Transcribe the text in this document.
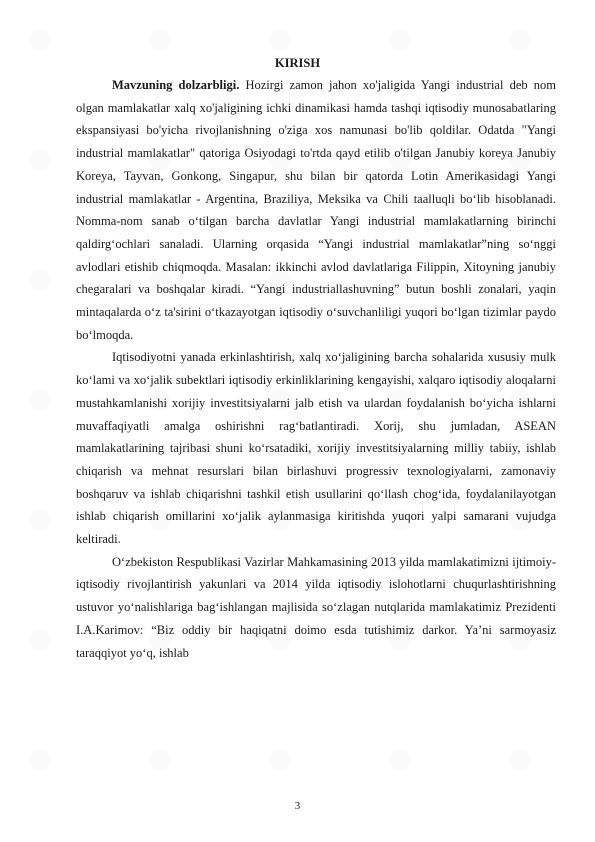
KIRISH

Mavzuning dolzarbligi. Hozirgi zamon jahon xo'jaligida Yangi industrial deb nom olgan mamlakatlar xalq xo'jaligining ichki dinamikasi hamda tashqi iqtisodiy munosabatlaring ekspansiyasi bo'yicha rivojlanishning o'ziga xos namunasi bo'lib qoldilar. Odatda "Yangi industrial mamlakatlar" qatoriga Osiyodagi to'rtda qayd etilib o'tilgan Janubiy koreya Janubiy Koreya, Tayvan, Gonkong, Singapur, shu bilan bir qatorda Lotin Amerikasidagi Yangi industrial mamlakatlar - Argentina, Braziliya, Meksika va Chili taalluqli bo‘lib hisoblanadi. Nomma-nom sanab o‘tilgan barcha davlatlar Yangi industrial mamlakatlarning birinchi qaldirg‘ochlari sanaladi. Ularning orqasida “Yangi industrial mamlakatlar”ning so‘nggi avlodlari etishib chiqmoqda. Masalan: ikkinchi avlod davlatlariga Filippin, Xitoyning janubiy chegaralari va boshqalar kiradi. “Yangi industriallashuvning” butun boshli zonalari, yaqin mintaqalarda o‘z ta'sirini o‘tkazayotgan iqtisodiy o‘suvchanliligi yuqori bo‘lgan tizimlar paydo bo‘lmoqda.

Iqtisodiyotni yanada erkinlashtirish, xalq xo‘jaligining barcha sohalarida xususiy mulk ko‘lami va xo‘jalik subektlari iqtisodiy erkinliklarining kengayishi, xalqaro iqtisodiy aloqalarni mustahkamlanishi xorijiy investitsiyalarni jalb etish va ulardan foydalanish bo‘yicha ishlarni muvaffaqiyatli amalga oshirishni rag‘batlantiradi. Xorij, shu jumladan, ASEAN mamlakatlarining tajribasi shuni ko‘rsatadiki, xorijiy investitsiyalarning milliy tabiiy, ishlab chiqarish va mehnat resurslari bilan birlashuvi progressiv texnologiyalarni, zamonaviy boshqaruv va ishlab chiqarishni tashkil etish usullarini qo‘llash chog‘ida, foydalanilayotgan ishlab chiqarish omillarini xo‘jalik aylanmasiga kiritishda yuqori yalpi samarani vujudga keltiradi.

O‘zbekiston Respublikasi Vazirlar Mahkamasining 2013 yilda mamlakatimizni ijtimoiy-iqtisodiy rivojlantirish yakunlari va 2014 yilda iqtisodiy islohotlarni chuqurlashtirishning ustuvor yo‘nalishlariga bag‘ishlangan majlisida so‘zlagan nutqlarida mamlakatimiz Prezidenti I.A.Karimov: “Biz oddiy bir haqiqatni doimo esda tutishimiz darkor. Ya’ni sarmoyasiz taraqqiyot yo‘q, ishlab

3
